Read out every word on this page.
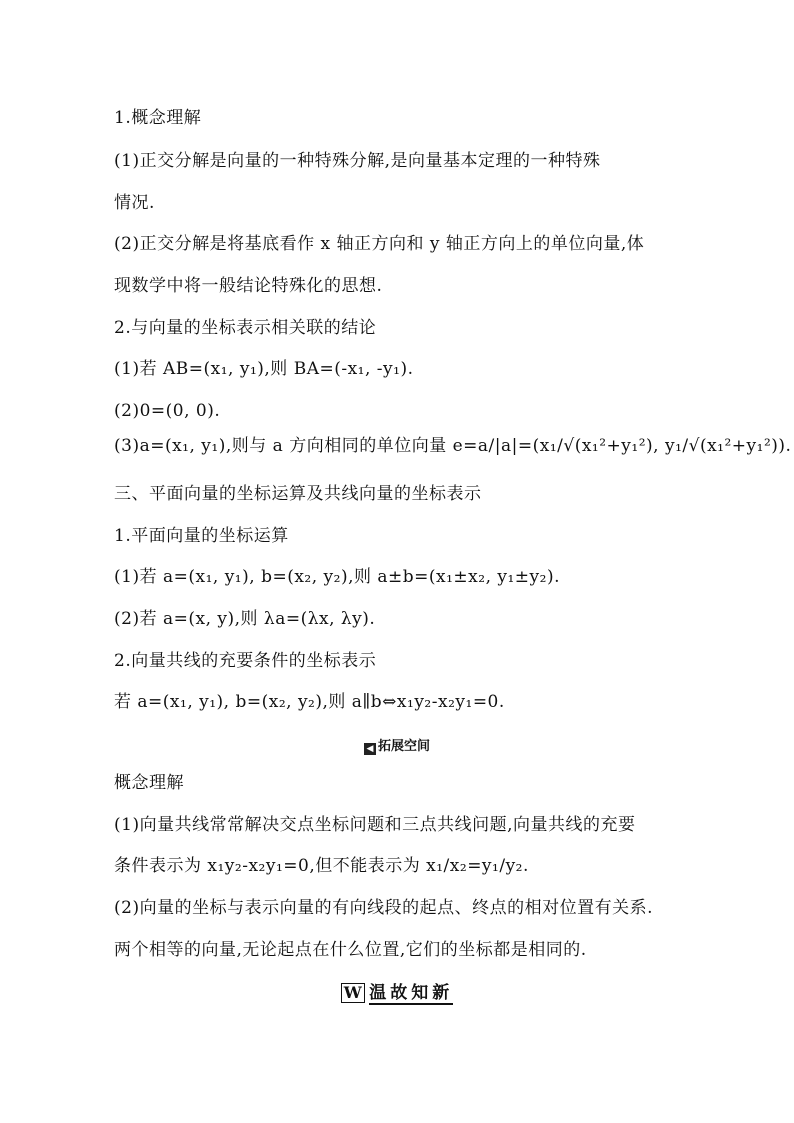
1.概念理解
(1)正交分解是向量的一种特殊分解,是向量基本定理的一种特殊
情况.
(2)正交分解是将基底看作 x 轴正方向和 y 轴正方向上的单位向量,体
现数学中将一般结论特殊化的思想.
2.与向量的坐标表示相关联的结论
(1)若 AB=(x₁, y₁),则 BA=(-x₁, -y₁).
(2)0=(0, 0).
(3)a=(x₁, y₁),则与 a 方向相同的单位向量 e=a/|a|=(x₁/√(x₁²+y₁²), y₁/√(x₁²+y₁²)).
三、平面向量的坐标运算及共线向量的坐标表示
1.平面向量的坐标运算
(1)若 a=(x₁, y₁), b=(x₂, y₂),则 a±b=(x₁±x₂, y₁±y₂).
(2)若 a=(x, y),则 λa=(λx, λy).
2.向量共线的充要条件的坐标表示
若 a=(x₁, y₁), b=(x₂, y₂),则 a∥b⇔x₁y₂-x₂y₁=0.
◀ 拓展空间
概念理解
(1)向量共线常常解决交点坐标问题和三点共线问题,向量共线的充要
条件表示为 x₁y₂-x₂y₁=0,但不能表示为 x₁/x₂=y₁/y₂.
(2)向量的坐标与表示向量的有向线段的起点、终点的相对位置有关系.
两个相等的向量,无论起点在什么位置,它们的坐标都是相同的.
W 温故知新
